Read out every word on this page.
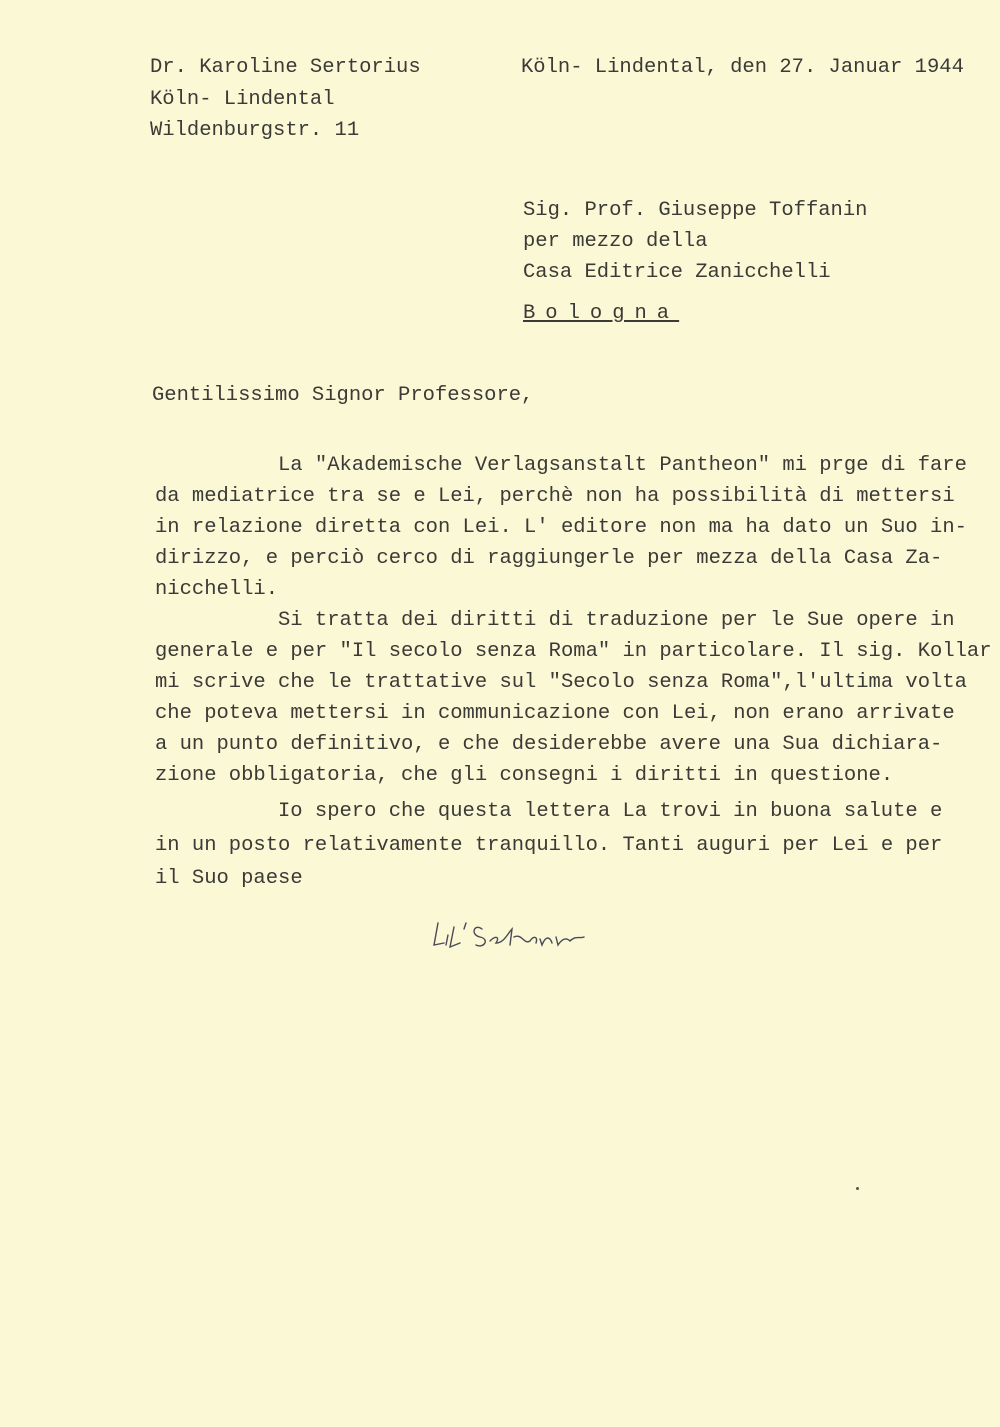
Dr. Karoline Sertorius
Köln- Lindental
Wildenburgstr. 11
Köln- Lindental, den 27. Januar 1944
Sig. Prof. Giuseppe Toffanin
per mezzo della
Casa Editrice Zanicchelli
Bologna
Gentilissimo Signor Professore,
La "Akademische Verlagsanstalt Pantheon" mi prge di fare
da mediatrice tra se e Lei, perchè non ha possibilità di mettersi
in relazione diretta con Lei. L' editore non ma ha dato un Suo in-
dirizzo, e perciò cerco di raggiungerle per mezza della Casa Za-
nicchelli.
Si tratta dei diritti di traduzione per le Sue opere in
generale e per "Il secolo senza Roma" in particolare. Il sig. Kollar
mi scrive che le trattative sul "Secolo senza Roma",l'ultima volta
che poteva mettersi in communicazione con Lei, non erano arrivate
a un punto definitivo, e che desiderebbe avere una Sua dichiara-
zione obbligatoria, che gli consegni i diritti in questione.
Io spero che questa lettera La trovi in buona salute e
in un posto relativamente tranquillo. Tanti auguri per Lei e per
il Suo paese
